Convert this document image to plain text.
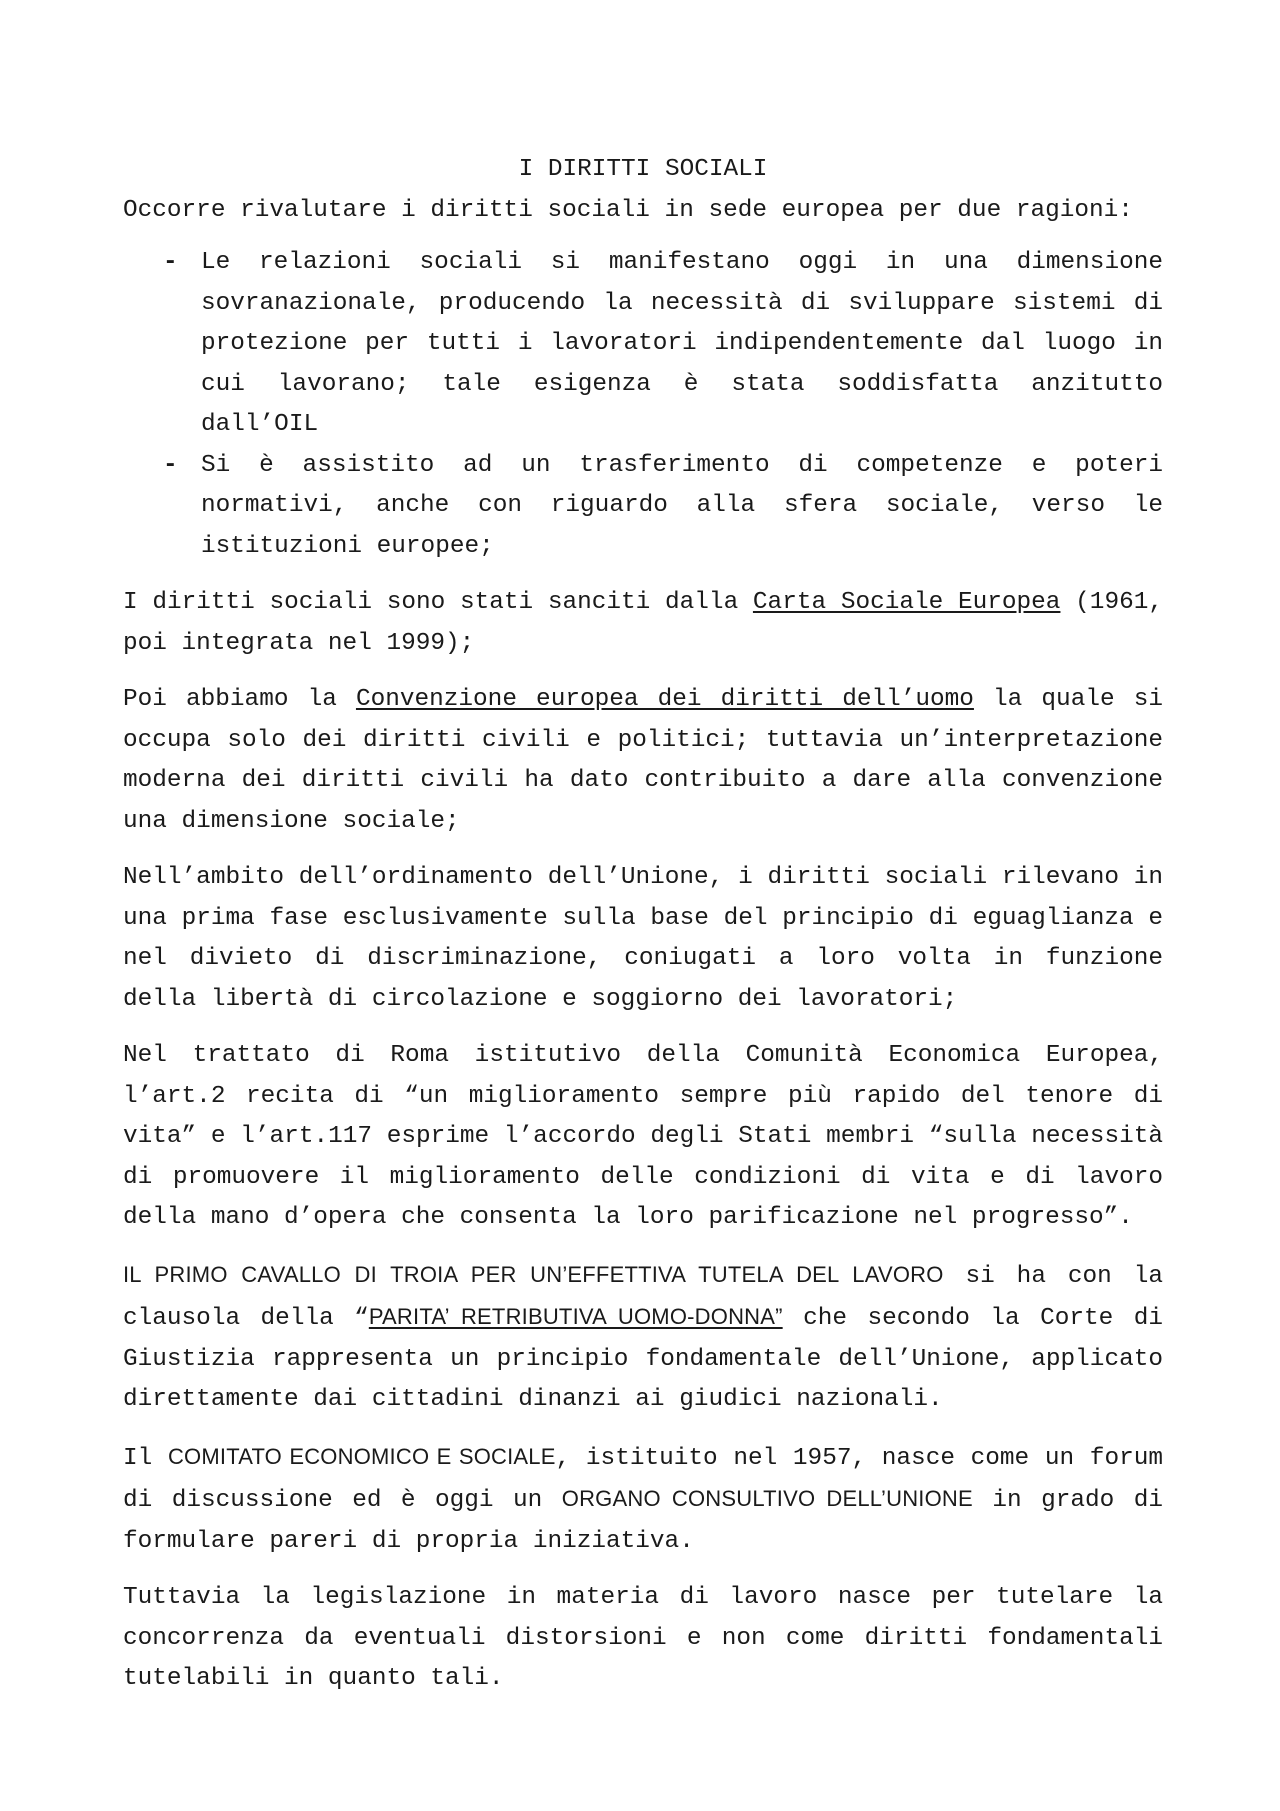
I DIRITTI SOCIALI

Occorre rivalutare i diritti sociali in sede europea per due ragioni:

- Le relazioni sociali si manifestano oggi in una dimensione sovranazionale, producendo la necessità di sviluppare sistemi di protezione per tutti i lavoratori indipendentemente dal luogo in cui lavorano; tale esigenza è stata soddisfatta anzitutto dall’OIL
- Si è assistito ad un trasferimento di competenze e poteri normativi, anche con riguardo alla sfera sociale, verso le istituzioni europee;

I diritti sociali sono stati sanciti dalla Carta Sociale Europea (1961, poi integrata nel 1999);

Poi abbiamo la Convenzione europea dei diritti dell’uomo la quale si occupa solo dei diritti civili e politici; tuttavia un’interpretazione moderna dei diritti civili ha dato contribuito a dare alla convenzione una dimensione sociale;

Nell’ambito dell’ordinamento dell’Unione, i diritti sociali rilevano in una prima fase esclusivamente sulla base del principio di eguaglianza e nel divieto di discriminazione, coniugati a loro volta in funzione della libertà di circolazione e soggiorno dei lavoratori;

Nel trattato di Roma istitutivo della Comunità Economica Europea, l’art.2 recita di “un miglioramento sempre più rapido del tenore di vita” e l’art.117 esprime l’accordo degli Stati membri “sulla necessità di promuovere il miglioramento delle condizioni di vita e di lavoro della mano d’opera che consenta la loro parificazione nel progresso”.

IL PRIMO CAVALLO DI TROIA PER UN’EFFETTIVA TUTELA DEL LAVORO si ha con la clausola della “PARITA’ RETRIBUTIVA UOMO-DONNA” che secondo la Corte di Giustizia rappresenta un principio fondamentale dell’Unione, applicato direttamente dai cittadini dinanzi ai giudici nazionali.

Il COMITATO ECONOMICO E SOCIALE, istituito nel 1957, nasce come un forum di discussione ed è oggi un ORGANO CONSULTIVO DELL’UNIONE in grado di formulare pareri di propria iniziativa.

Tuttavia la legislazione in materia di lavoro nasce per tutelare la concorrenza da eventuali distorsioni e non come diritti fondamentali tutelabili in quanto tali.
